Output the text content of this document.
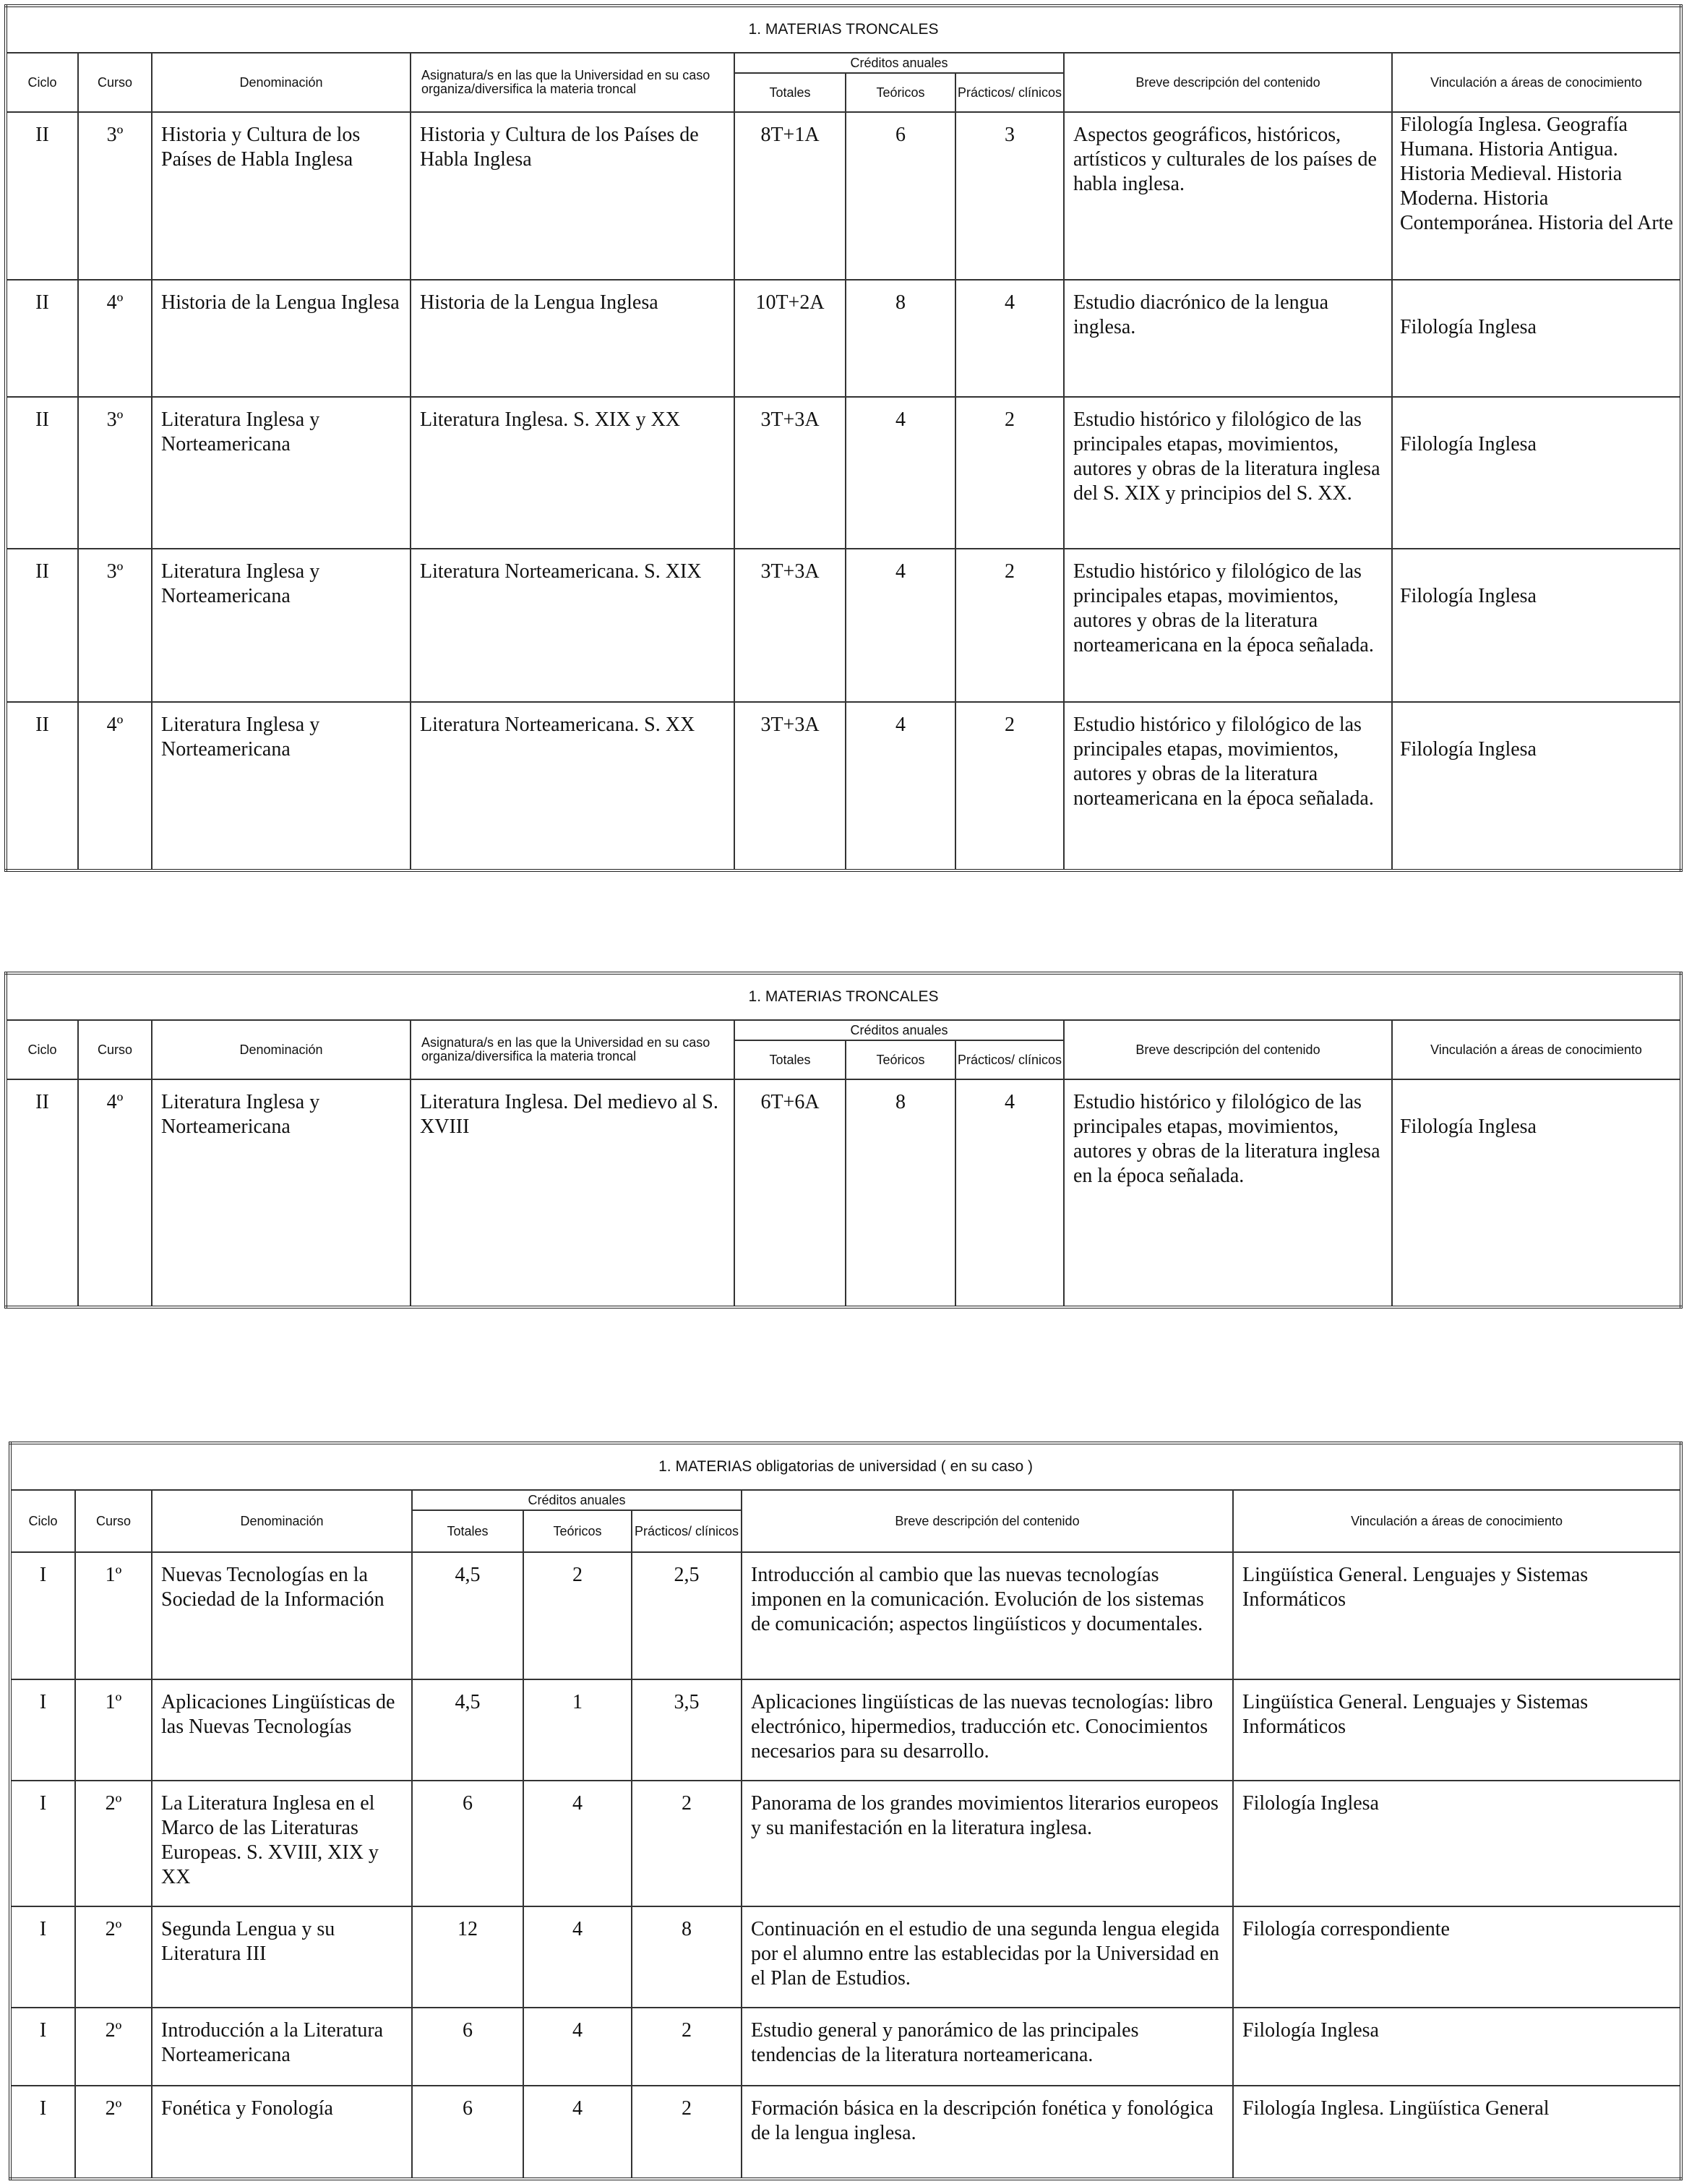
1. MATERIAS TRONCALES								
Ciclo	Curso	Denominación	Asignatura/s en las que la Universidad en su caso organiza/diversifica la materia troncal	Créditos anuales			Breve descripción del contenido	Vinculación a áreas de conocimiento
				Totales	Teóricos	Prácticos/ clínicos		
II	3º	Historia y Cultura de los Países de Habla Inglesa	Historia y Cultura de los Países de Habla Inglesa	8T+1A	6	3	Aspectos geográficos, históricos, artísticos y culturales de los países de habla inglesa.	Filología Inglesa. Geografía Humana. Historia Antigua. Historia Medieval. Historia Moderna. Historia Contemporánea. Historia del Arte
II	4º	Historia de la Lengua Inglesa	Historia de la Lengua Inglesa	10T+2A	8	4	Estudio diacrónico de la lengua inglesa.	Filología Inglesa
II	3º	Literatura Inglesa y Norteamericana	Literatura Inglesa. S. XIX y XX	3T+3A	4	2	Estudio histórico y filológico de las principales etapas, movimientos, autores y obras de la literatura inglesa del S. XIX y principios del S. XX.	Filología Inglesa
II	3º	Literatura Inglesa y Norteamericana	Literatura Norteamericana. S. XIX	3T+3A	4	2	Estudio histórico y filológico de las principales etapas, movimientos, autores y obras de la literatura norteamericana en la época señalada.	Filología Inglesa
II	4º	Literatura Inglesa y Norteamericana	Literatura Norteamericana. S. XX	3T+3A	4	2	Estudio histórico y filológico de las principales etapas, movimientos, autores y obras de la literatura norteamericana en la época señalada.	Filología Inglesa
1. MATERIAS TRONCALES								
Ciclo	Curso	Denominación	Asignatura/s en las que la Universidad en su caso organiza/diversifica la materia troncal	Créditos anuales			Breve descripción del contenido	Vinculación a áreas de conocimiento
				Totales	Teóricos	Prácticos/ clínicos		
II	4º	Literatura Inglesa y Norteamericana	Literatura Inglesa. Del medievo al S. XVIII	6T+6A	8	4	Estudio histórico y filológico de las principales etapas, movimientos, autores y obras de la literatura inglesa en la época señalada.	Filología Inglesa
1. MATERIAS obligatorias de universidad ( en su caso )							
Ciclo	Curso	Denominación	Créditos anuales			Breve descripción del contenido	Vinculación a áreas de conocimiento
			Totales	Teóricos	Prácticos/ clínicos		
I	1º	Nuevas Tecnologías en la Sociedad de la Información	4,5	2	2,5	Introducción al cambio que las nuevas tecnologías imponen en la comunicación. Evolución de los sistemas de comunicación; aspectos lingüísticos y documentales.	Lingüística General. Lenguajes y Sistemas Informáticos
I	1º	Aplicaciones Lingüísticas de las Nuevas Tecnologías	4,5	1	3,5	Aplicaciones lingüísticas de las nuevas tecnologías: libro electrónico, hipermedios, traducción etc. Conocimientos necesarios para su desarrollo.	Lingüística General. Lenguajes y Sistemas Informáticos
I	2º	La Literatura Inglesa en el Marco de las Literaturas Europeas. S. XVIII, XIX y XX	6	4	2	Panorama de los grandes movimientos literarios europeos y su manifestación en la literatura inglesa.	Filología Inglesa
I	2º	Segunda Lengua y su Literatura III	12	4	8	Continuación en el estudio de una segunda lengua elegida por el alumno entre las establecidas por la Universidad en el Plan de Estudios.	Filología correspondiente
I	2º	Introducción a la Literatura Norteamericana	6	4	2	Estudio general y panorámico de las principales tendencias de la literatura norteamericana.	Filología Inglesa
I	2º	Fonética y Fonología	6	4	2	Formación básica en la descripción fonética y fonológica de la lengua inglesa.	Filología Inglesa. Lingüística General
